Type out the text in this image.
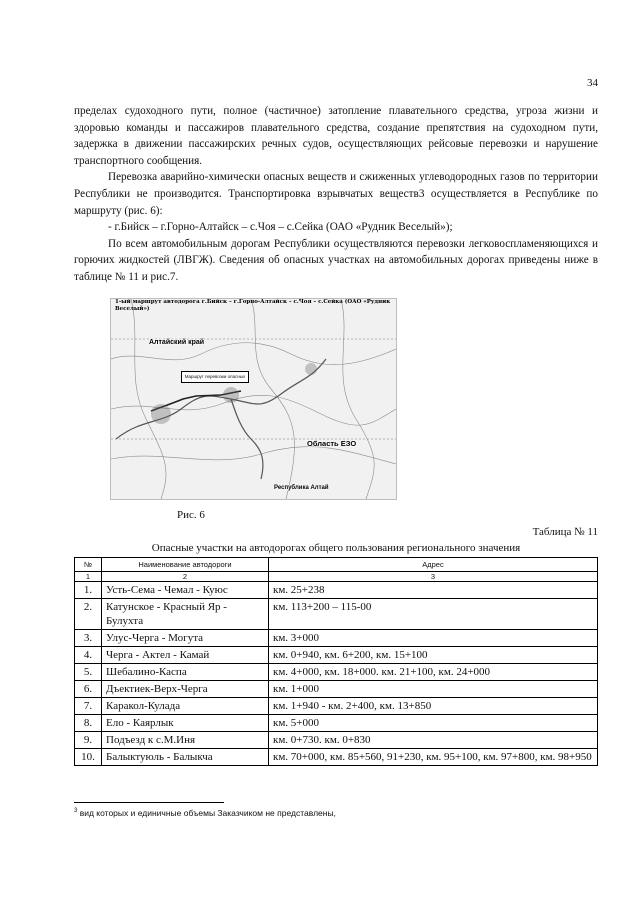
34

пределах судоходного пути, полное (частичное) затопление плавательного средства, угроза жизни и здоровью команды и пассажиров плавательного средства, создание препятствия на судоходном пути, задержка в движении пассажирских речных судов, осуществляющих рейсовые перевозки и нарушение транспортного сообщения.

Перевозка аварийно-химически опасных веществ и сжиженных углеводородных газов по территории Республики не производится. Транспортировка взрывчатых веществ3 осуществляется в Республике по маршруту (рис. 6):

- г.Бийск – г.Горно-Алтайск – с.Чоя – с.Сейка (ОАО «Рудник Веселый»);

По всем автомобильным дорогам Республики осуществляются перевозки легковоспламеняющихся и горючих жидкостей (ЛВГЖ). Сведения об опасных участках на автомобильных дорогах приведены ниже в таблице № 11 и рис.7.

1-ый маршрут автодорога г.Бийск – г.Горно-Алтайск – с.Чоя – с.Сейка (ОАО «Рудник Веселый»)
Алтайский край
Маршрут перевозки опасных
Область ЕЗО
Республика Алтай
Рис. 6
Таблица № 11
Опасные участки на автодорогах общего пользования регионального значения
№	Наименование автодороги	Адрес
1	2	3
1.	Усть-Сема - Чемал - Куюс	км. 25+238
2.	Катунское - Красный Яр - Булухта	км. 113+200 – 115-00
3.	Улус-Черга - Могута	км. 3+000
4.	Черга - Актел - Камай	км. 0+940, км. 6+200, км. 15+100
5.	Шебалино-Каспа	км. 4+000, км. 18+000. км. 21+100, км. 24+000
6.	Дъектиек-Верх-Черга	км. 1+000
7.	Каракол-Кулада	км. 1+940 - км. 2+400, км. 13+850
8.	Ело - Каярлык	км. 5+000
9.	Подъезд к с.М.Иня	км. 0+730. км. 0+830
10.	Балыктуюль - Балыкча	км. 70+000, км. 85+560, 91+230, км. 95+100, км. 97+800, км. 98+950
$^3$ вид которых и единичные объемы Заказчиком не представлены,
